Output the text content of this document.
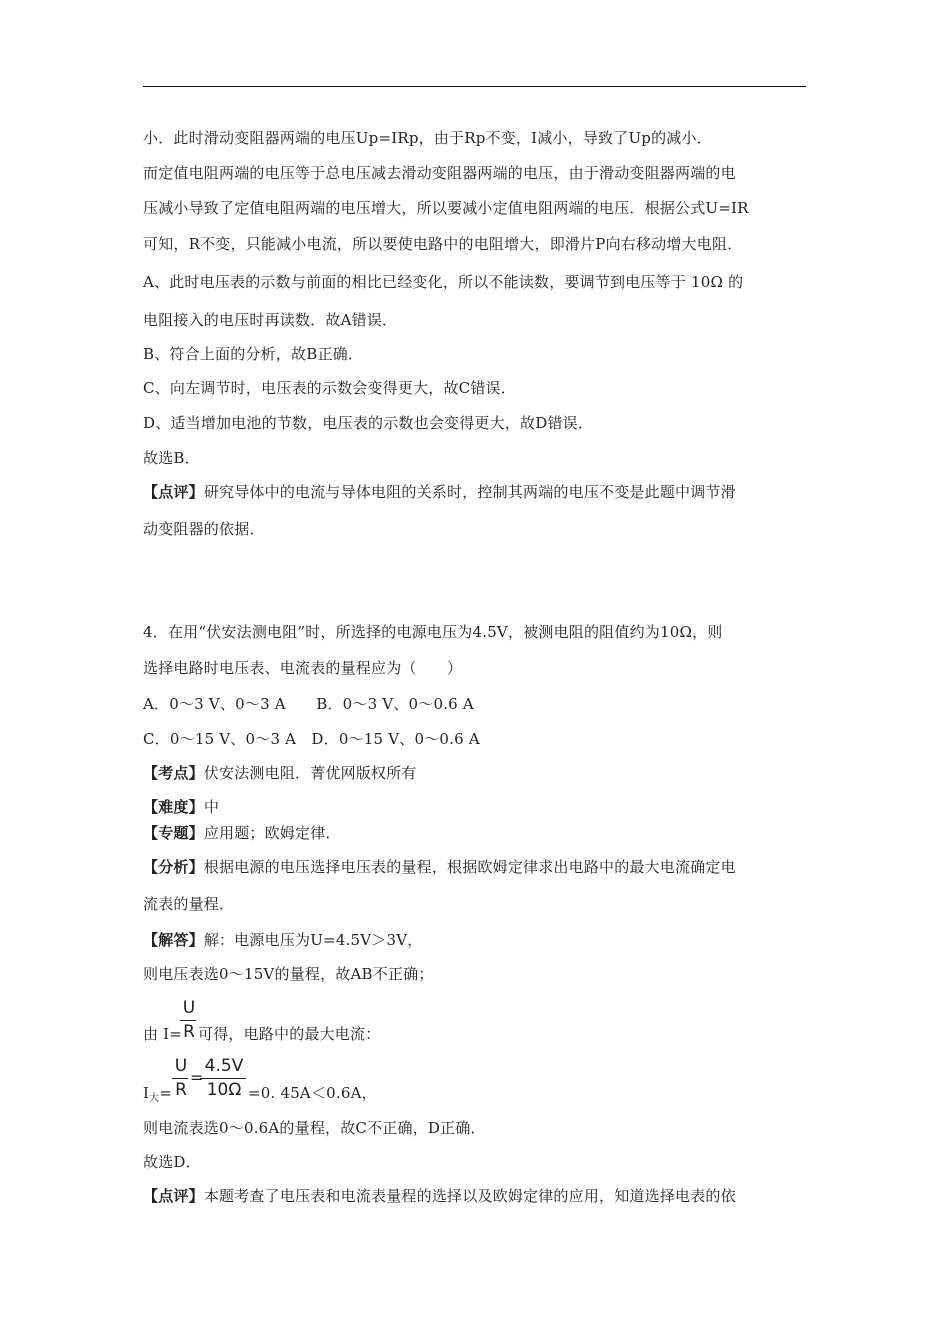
小．此时滑动变阻器两端的电压Up=IRp，由于Rp不变，I减小，导致了Up的减小．
而定值电阻两端的电压等于总电压减去滑动变阻器两端的电压，由于滑动变阻器两端的电
压减小导致了定值电阻两端的电压增大，所以要减小定值电阻两端的电压．根据公式U=IR
可知，R不变，只能减小电流，所以要使电路中的电阻增大，即滑片P向右移动增大电阻．
A、此时电压表的示数与前面的相比已经变化，所以不能读数，要调节到电压等于 10Ω 的
电阻接入的电压时再读数．故A错误．
B、符合上面的分析，故B正确．
C、向左调节时，电压表的示数会变得更大，故C错误．
D、适当增加电池的节数，电压表的示数也会变得更大，故D错误．
故选B．
【点评】研究导体中的电流与导体电阻的关系时，控制其两端的电压不变是此题中调节滑
动变阻器的依据．
4．在用“伏安法测电阻”时，所选择的电源电压为4.5V，被测电阻的阻值约为10Ω，则
选择电路时电压表、电流表的量程应为（　　）
A．0～3 V、0～3 A　　B．0～3 V、0～0.6 A
C．0～15 V、0～3 A　D．0～15 V、0～0.6 A
【考点】伏安法测电阻．菁优网版权所有
【难度】中
【专题】应用题；欧姆定律．
【分析】根据电源的电压选择电压表的量程，根据欧姆定律求出电路中的最大电流确定电
流表的量程．
【解答】解：电源电压为U=4.5V＞3V，
则电压表选0～15V的量程，故AB不正确；
由 I=
U
R 可得，电路中的最大电流：
$I_大=$
U
R
=
4.5V
10Ω =0. 45A＜0.6A，
则电流表选0～0.6A的量程，故C不正确，D正确．
故选D．
【点评】本题考查了电压表和电流表量程的选择以及欧姆定律的应用，知道选择电表的依
